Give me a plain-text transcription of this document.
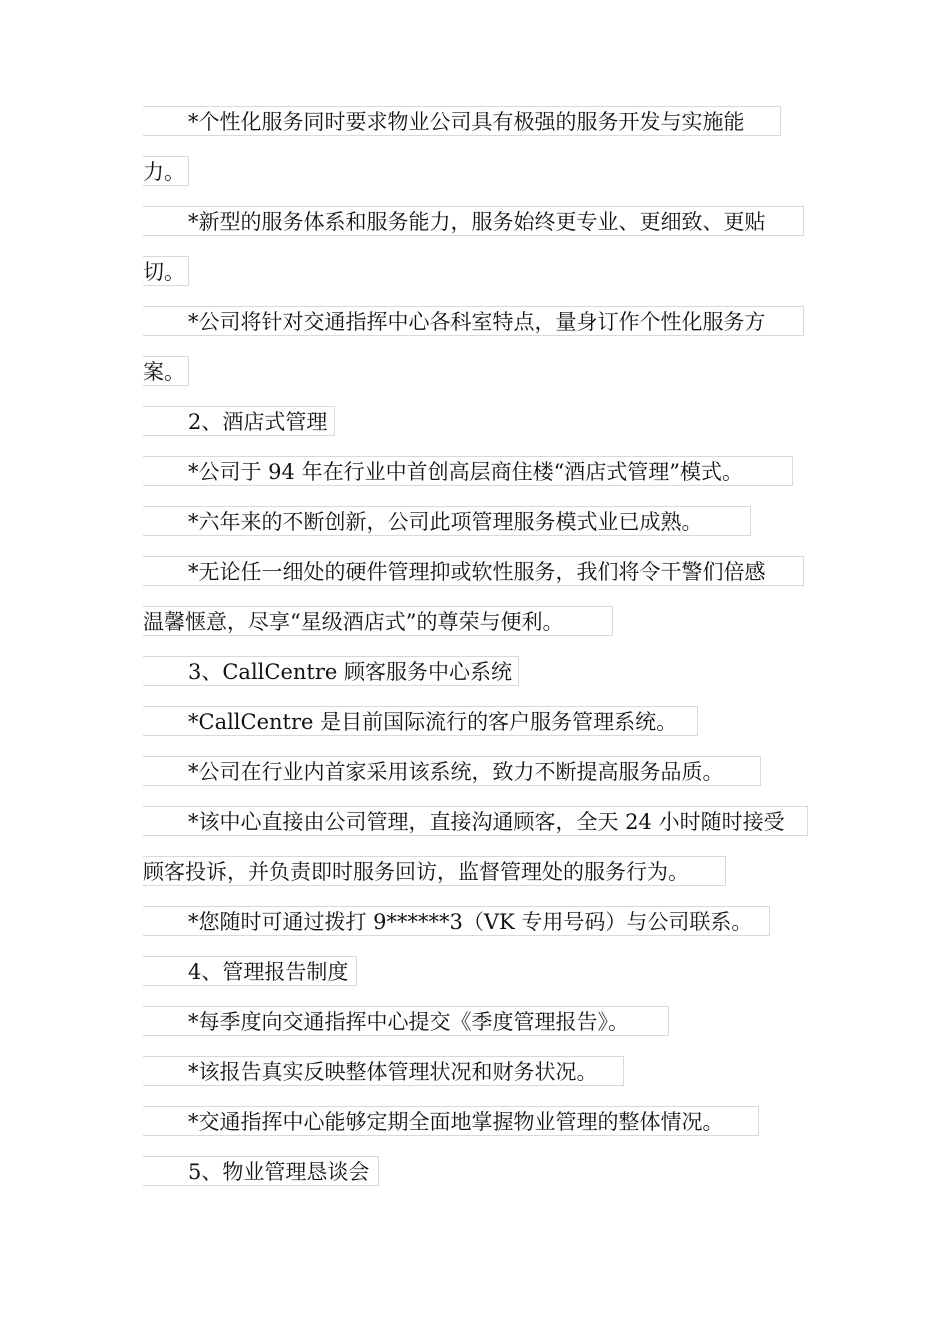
*个性化服务同时要求物业公司具有极强的服务开发与实施能
力。
*新型的服务体系和服务能力，服务始终更专业、更细致、更贴
切。
*公司将针对交通指挥中心各科室特点，量身订作个性化服务方
案。
2、酒店式管理
*公司于 94 年在行业中首创高层商住楼“酒店式管理”模式。
*六年来的不断创新，公司此项管理服务模式业已成熟。
*无论任一细处的硬件管理抑或软性服务，我们将令干警们倍感
温馨惬意，尽享“星级酒店式”的尊荣与便利。
3、CallCentre 顾客服务中心系统
*CallCentre 是目前国际流行的客户服务管理系统。
*公司在行业内首家采用该系统，致力不断提高服务品质。
*该中心直接由公司管理，直接沟通顾客，全天 24 小时随时接受
顾客投诉，并负责即时服务回访，监督管理处的服务行为。
*您随时可通过拨打 9******3（VK 专用号码）与公司联系。
4、管理报告制度
*每季度向交通指挥中心提交《季度管理报告》。
*该报告真实反映整体管理状况和财务状况。
*交通指挥中心能够定期全面地掌握物业管理的整体情况。
5、物业管理恳谈会
